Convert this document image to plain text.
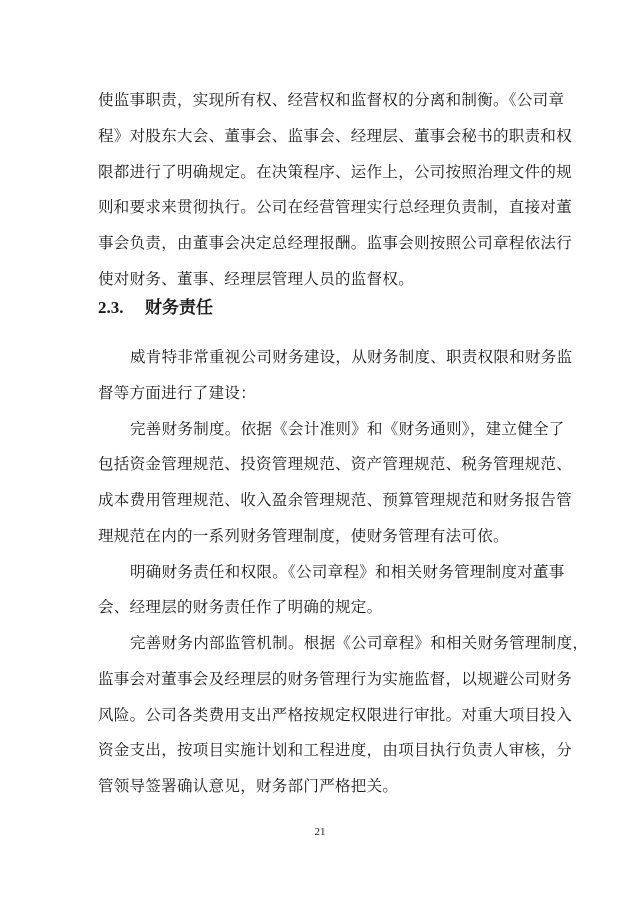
使监事职责，实现所有权、经营权和监督权的分离和制衡。《公司章
程》对股东大会、董事会、监事会、经理层、董事会秘书的职责和权
限都进行了明确规定。在决策程序、运作上，公司按照治理文件的规
则和要求来贯彻执行。公司在经营管理实行总经理负责制，直接对董
事会负责，由董事会决定总经理报酬。监事会则按照公司章程依法行
使对财务、董事、经理层管理人员的监督权。
2.3. 财务责任
威肯特非常重视公司财务建设，从财务制度、职责权限和财务监
督等方面进行了建设：
完善财务制度。依据《会计准则》和《财务通则》，建立健全了
包括资金管理规范、投资管理规范、资产管理规范、税务管理规范、
成本费用管理规范、收入盈余管理规范、预算管理规范和财务报告管
理规范在内的一系列财务管理制度，使财务管理有法可依。
明确财务责任和权限。《公司章程》和相关财务管理制度对董事
会、经理层的财务责任作了明确的规定。
完善财务内部监管机制。根据《公司章程》和相关财务管理制度，
监事会对董事会及经理层的财务管理行为实施监督，以规避公司财务
风险。公司各类费用支出严格按规定权限进行审批。对重大项目投入
资金支出，按项目实施计划和工程进度，由项目执行负责人审核，分
管领导签署确认意见，财务部门严格把关。
21
